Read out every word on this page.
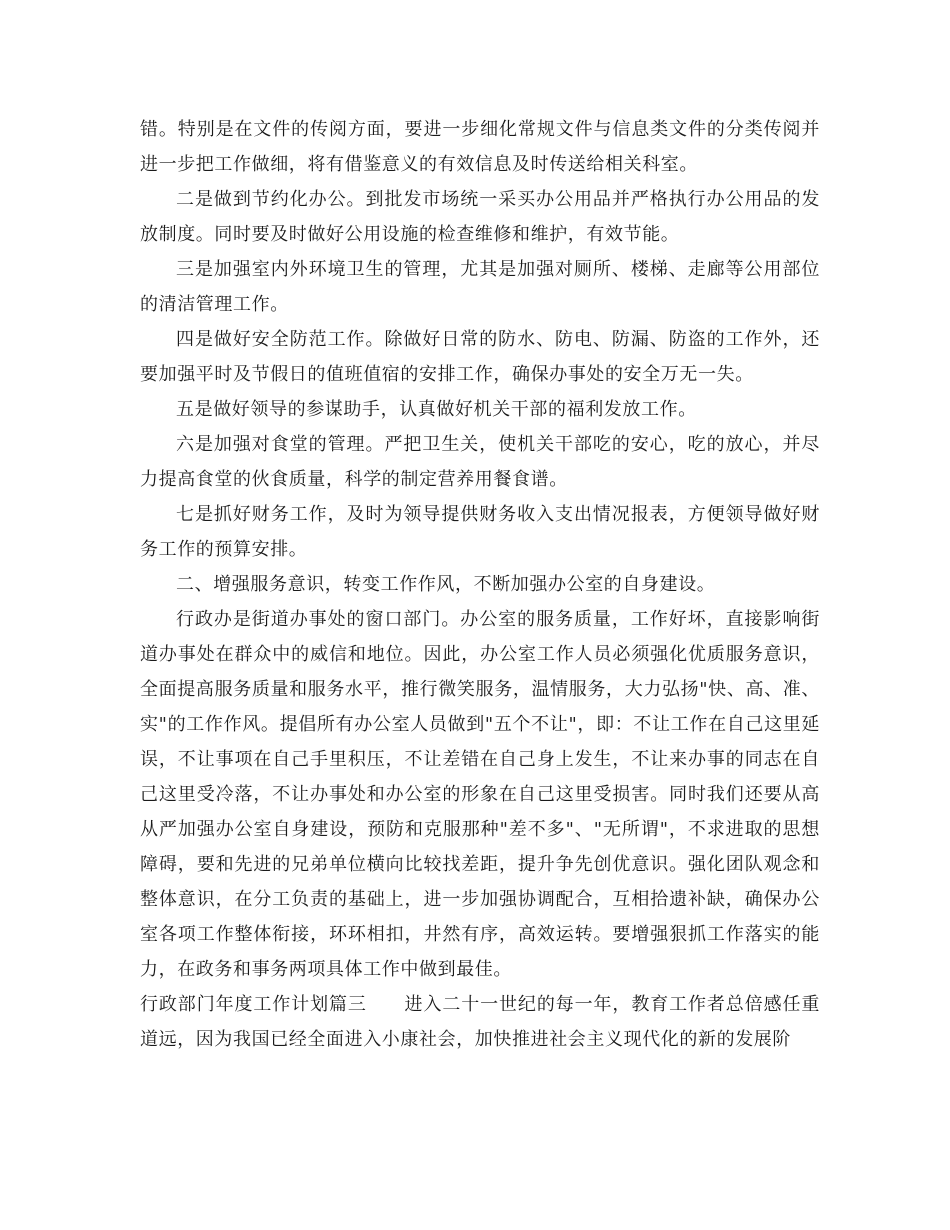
错。特别是在文件的传阅方面，要进一步细化常规文件与信息类文件的分类传阅并进一步把工作做细，将有借鉴意义的有效信息及时传送给相关科室。

二是做到节约化办公。到批发市场统一采买办公用品并严格执行办公用品的发放制度。同时要及时做好公用设施的检查维修和维护，有效节能。

三是加强室内外环境卫生的管理，尤其是加强对厕所、楼梯、走廊等公用部位的清洁管理工作。

四是做好安全防范工作。除做好日常的防水、防电、防漏、防盗的工作外，还要加强平时及节假日的值班值宿的安排工作，确保办事处的安全万无一失。

五是做好领导的参谋助手，认真做好机关干部的福利发放工作。

六是加强对食堂的管理。严把卫生关，使机关干部吃的安心，吃的放心，并尽力提高食堂的伙食质量，科学的制定营养用餐食谱。

七是抓好财务工作，及时为领导提供财务收入支出情况报表，方便领导做好财务工作的预算安排。

二、增强服务意识，转变工作作风，不断加强办公室的自身建设。

行政办是街道办事处的窗口部门。办公室的服务质量，工作好坏，直接影响街道办事处在群众中的威信和地位。因此，办公室工作人员必须强化优质服务意识，全面提高服务质量和服务水平，推行微笑服务，温情服务，大力弘扬"快、高、准、实"的工作作风。提倡所有办公室人员做到"五个不让"，即：不让工作在自己这里延误，不让事项在自己手里积压，不让差错在自己身上发生，不让来办事的同志在自己这里受冷落，不让办事处和办公室的形象在自己这里受损害。同时我们还要从高从严加强办公室自身建设，预防和克服那种"差不多"、"无所谓"，不求进取的思想障碍，要和先进的兄弟单位横向比较找差距，提升争先创优意识。强化团队观念和整体意识，在分工负责的基础上，进一步加强协调配合，互相拾遗补缺，确保办公室各项工作整体衔接，环环相扣，井然有序，高效运转。要增强狠抓工作落实的能力，在政务和事务两项具体工作中做到最佳。

行政部门年度工作计划篇三　　进入二十一世纪的每一年，教育工作者总倍感任重道远，因为我国已经全面进入小康社会，加快推进社会主义现代化的新的发展阶
